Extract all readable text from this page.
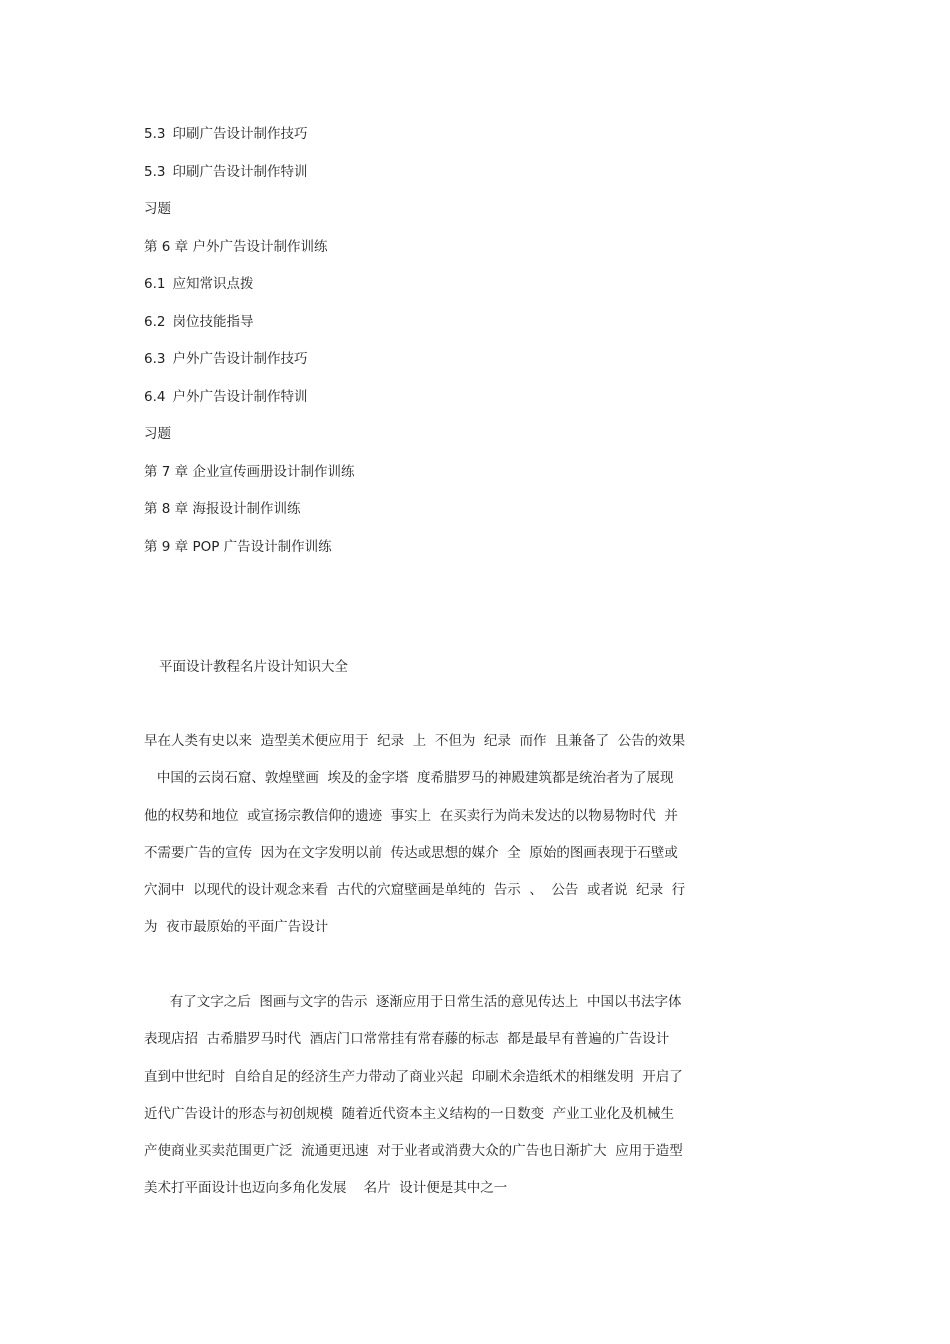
5.3 印刷广告设计制作技巧
5.3 印刷广告设计制作特训
习题
第 6 章 户外广告设计制作训练
6.1 应知常识点拨
6.2 岗位技能指导
6.3 户外广告设计制作技巧
6.4 户外广告设计制作特训
习题
第 7 章 企业宣传画册设计制作训练
第 8 章 海报设计制作训练
第 9 章 POP 广告设计制作训练
平面设计教程名片设计知识大全
早在人类有史以来  造型美术便应用于  纪录  上  不但为  纪录  而作  且兼备了  公告的效果
中国的云岗石窟、敦煌壁画  埃及的金字塔  度希腊罗马的神殿建筑都是统治者为了展现
他的权势和地位  或宣扬宗教信仰的遗迹  事实上  在买卖行为尚未发达的以物易物时代  并
不需要广告的宣传  因为在文字发明以前  传达或思想的媒介  全  原始的图画表现于石壁或
穴洞中  以现代的设计观念来看  古代的穴窟壁画是单纯的  告示  、  公告  或者说  纪录  行
为  夜市最原始的平面广告设计
有了文字之后  图画与文字的告示  逐渐应用于日常生活的意见传达上  中国以书法字体
表现店招  古希腊罗马时代  酒店门口常常挂有常春藤的标志  都是最早有普遍的广告设计
直到中世纪时  自给自足的经济生产力带动了商业兴起  印刷术余造纸术的相继发明  开启了
近代广告设计的形态与初创规模  随着近代资本主义结构的一日数变  产业工业化及机械生
产使商业买卖范围更广泛  流通更迅速  对于业者或消费大众的广告也日渐扩大  应用于造型
美术打平面设计也迈向多角化发展    名片  设计便是其中之一
